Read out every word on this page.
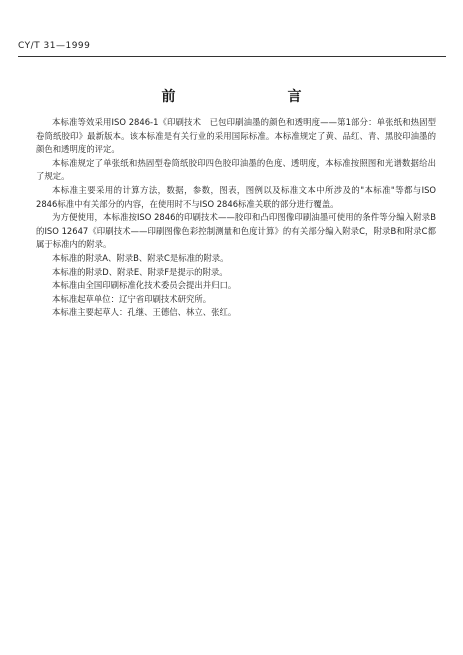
CY/T 31—1999
前　　言

本标准等效采用ISO 2846-1《印刷技术　已包印刷油墨的颜色和透明度——第1部分：单张纸和热固型卷筒纸胶印》最新版本。该本标准是有关行业的采用国际标准。本标准规定了黄、品红、青、黑胶印油墨的颜色和透明度的评定。

本标准规定了单张纸和热固型卷筒纸胶印四色胶印油墨的色度、透明度，本标准按照图和光谱数据给出了规定。

本标准主要采用的计算方法，数据，参数，图表，图例以及标准文本中所涉及的"本标准"等都与ISO 2846标准中有关部分的内容，在使用时不与ISO 2846标准关联的部分进行覆盖。

为方便使用，本标准按ISO 2846的印刷技术——胶印和凸印图像印刷油墨可使用的条件等分编入附录B的ISO 12647《印刷技术——印刷图像色彩控制测量和色度计算》的有关部分编入附录C，附录B和附录C都属于标准内的附录。

本标准的附录A、附录B、附录C是标准的附录。

本标准的附录D、附录E、附录F是提示的附录。

本标准由全国印刷标准化技术委员会提出并归口。

本标准起草单位：辽宁省印刷技术研究所。

本标准主要起草人：孔继、王德信、林立、张红。
